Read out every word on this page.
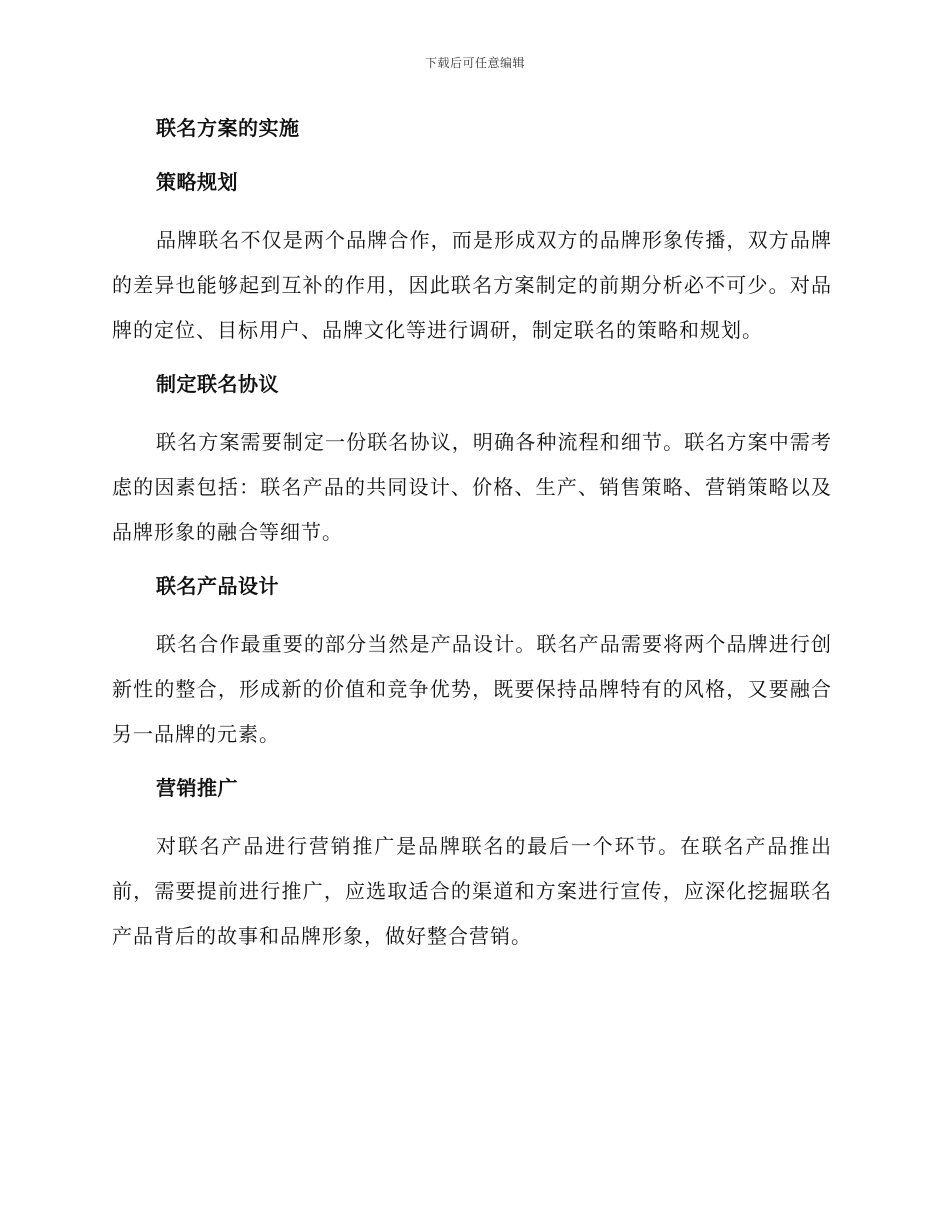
下载后可任意编辑
联名方案的实施
策略规划

品牌联名不仅是两个品牌合作，而是形成双方的品牌形象传播，双方品牌的差异也能够起到互补的作用，因此联名方案制定的前期分析必不可少。对品牌的定位、目标用户、品牌文化等进行调研，制定联名的策略和规划。

制定联名协议

联名方案需要制定一份联名协议，明确各种流程和细节。联名方案中需考虑的因素包括：联名产品的共同设计、价格、生产、销售策略、营销策略以及品牌形象的融合等细节。

联名产品设计

联名合作最重要的部分当然是产品设计。联名产品需要将两个品牌进行创新性的整合，形成新的价值和竞争优势，既要保持品牌特有的风格，又要融合另一品牌的元素。

营销推广

对联名产品进行营销推广是品牌联名的最后一个环节。在联名产品推出前，需要提前进行推广，应选取适合的渠道和方案进行宣传，应深化挖掘联名产品背后的故事和品牌形象，做好整合营销。
